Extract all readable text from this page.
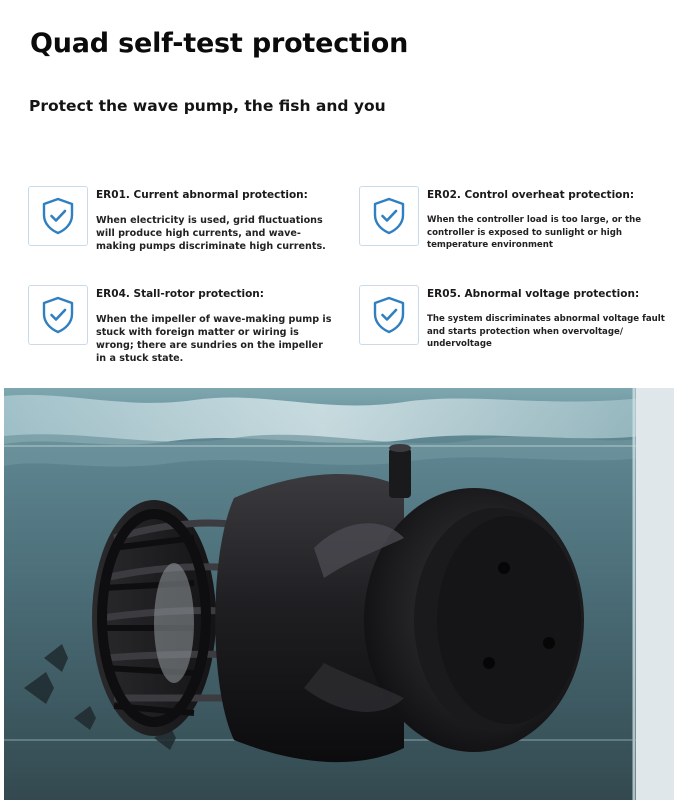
Quad self-test protection
Protect the wave pump, the fish and you
ER01. Current abnormal protection:
When electricity is used, grid fluctuations will produce high currents, and wave-making pumps discriminate high currents.
ER02. Control overheat protection:
When the controller load is too large, or the controller is exposed to sunlight or high temperature environment
ER04. Stall-rotor protection:
When the impeller of wave-making pump is stuck with foreign matter or wiring is wrong; there are sundries on the impeller in a stuck state.
ER05. Abnormal voltage protection:
The system discriminates abnormal voltage fault and starts protection when overvoltage/ undervoltage
